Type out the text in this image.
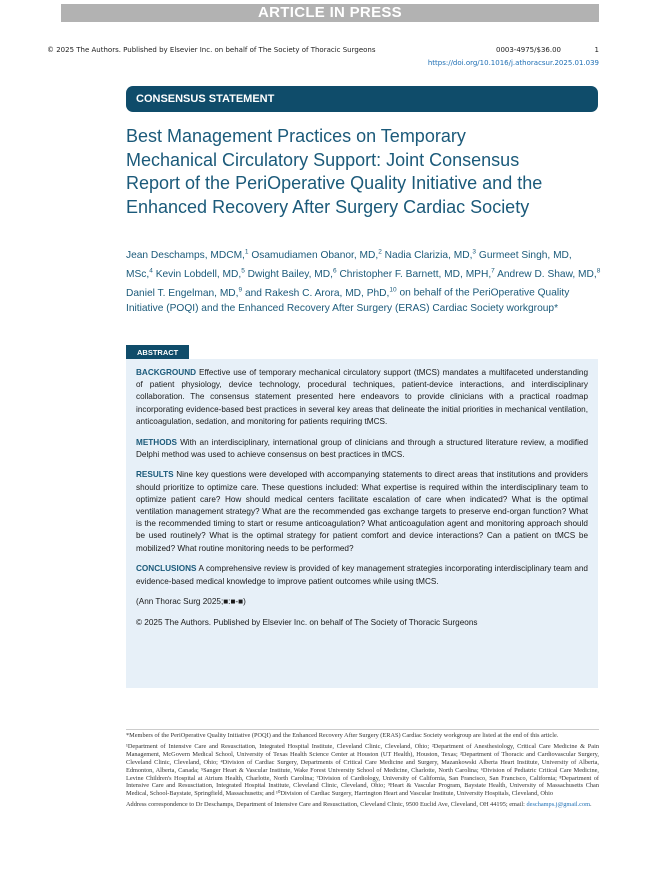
ARTICLE IN PRESS
© 2025 The Authors. Published by Elsevier Inc. on behalf of The Society of Thoracic Surgeons	0003-4975/$36.00	1
https://doi.org/10.1016/j.athoracsur.2025.01.039
CONSENSUS STATEMENT
Best Management Practices on Temporary Mechanical Circulatory Support: Joint Consensus Report of the PeriOperative Quality Initiative and the Enhanced Recovery After Surgery Cardiac Society
Jean Deschamps, MDCM,$^1$ Osamudiamen Obanor, MD,$^2$ Nadia Clarizia, MD,$^3$ Gurmeet Singh, MD, MSc,$^4$ Kevin Lobdell, MD,$^5$ Dwight Bailey, MD,$^6$ Christopher F. Barnett, MD, MPH,$^7$ Andrew D. Shaw, MD,$^8$ Daniel T. Engelman, MD,$^9$ and Rakesh C. Arora, MD, PhD,$^{10}$ on behalf of the PeriOperative Quality Initiative (POQI) and the Enhanced Recovery After Surgery (ERAS) Cardiac Society workgroup*
ABSTRACT

BACKGROUND Effective use of temporary mechanical circulatory support (tMCS) mandates a multifaceted understanding of patient physiology, device technology, procedural techniques, patient-device interactions, and interdisciplinary collaboration. The consensus statement presented here endeavors to provide clinicians with a practical roadmap incorporating evidence-based best practices in several key areas that delineate the initial priorities in mechanical ventilation, anticoagulation, sedation, and monitoring for patients requiring tMCS.

METHODS With an interdisciplinary, international group of clinicians and through a structured literature review, a modified Delphi method was used to achieve consensus on best practices in tMCS.

RESULTS Nine key questions were developed with accompanying statements to direct areas that institutions and providers should prioritize to optimize care. These questions included: What expertise is required within the interdisciplinary team to optimize patient care? How should medical centers facilitate escalation of care when indicated? What is the optimal ventilation management strategy? What are the recommended gas exchange targets to preserve end-organ function? What is the recommended timing to start or resume anticoagulation? What anticoagulation agent and monitoring approach should be used routinely? What is the optimal strategy for patient comfort and device interactions? Can a patient on tMCS be mobilized? What routine monitoring needs to be performed?

CONCLUSIONS A comprehensive review is provided of key management strategies incorporating interdisciplinary team and evidence-based medical knowledge to improve patient outcomes while using tMCS.

(Ann Thorac Surg 2025;■:■-■)

© 2025 The Authors. Published by Elsevier Inc. on behalf of The Society of Thoracic Surgeons

*Members of the PeriOperative Quality Initiative (POQI) and the Enhanced Recovery After Surgery (ERAS) Cardiac Society workgroup are listed at the end of this article.

¹Department of Intensive Care and Resuscitation, Integrated Hospital Institute, Cleveland Clinic, Cleveland, Ohio; ²Department of Anesthesiology, Critical Care Medicine & Pain Management, McGovern Medical School, University of Texas Health Science Center at Houston (UT Health), Houston, Texas; ³Department of Thoracic and Cardiovascular Surgery, Cleveland Clinic, Cleveland, Ohio; ⁴Division of Cardiac Surgery, Departments of Critical Care Medicine and Surgery, Mazankowski Alberta Heart Institute, University of Alberta, Edmonton, Alberta, Canada; ⁵Sanger Heart & Vascular Institute, Wake Forest University School of Medicine, Charlotte, North Carolina; ⁶Division of Pediatric Critical Care Medicine, Levine Children's Hospital at Atrium Health, Charlotte, North Carolina; ⁷Division of Cardiology, University of California, San Francisco, San Francisco, California; ⁸Department of Intensive Care and Resuscitation, Integrated Hospital Institute, Cleveland Clinic, Cleveland, Ohio; ⁹Heart & Vascular Program, Baystate Health, University of Massachusetts Chan Medical, School-Baystate, Springfield, Massachusetts; and ¹⁰Division of Cardiac Surgery, Harrington Heart and Vascular Institute, University Hospitals, Cleveland, Ohio

Address correspondence to Dr Deschamps, Department of Intensive Care and Resuscitation, Cleveland Clinic, 9500 Euclid Ave, Cleveland, OH 44195; email: deschamps.j@gmail.com.
